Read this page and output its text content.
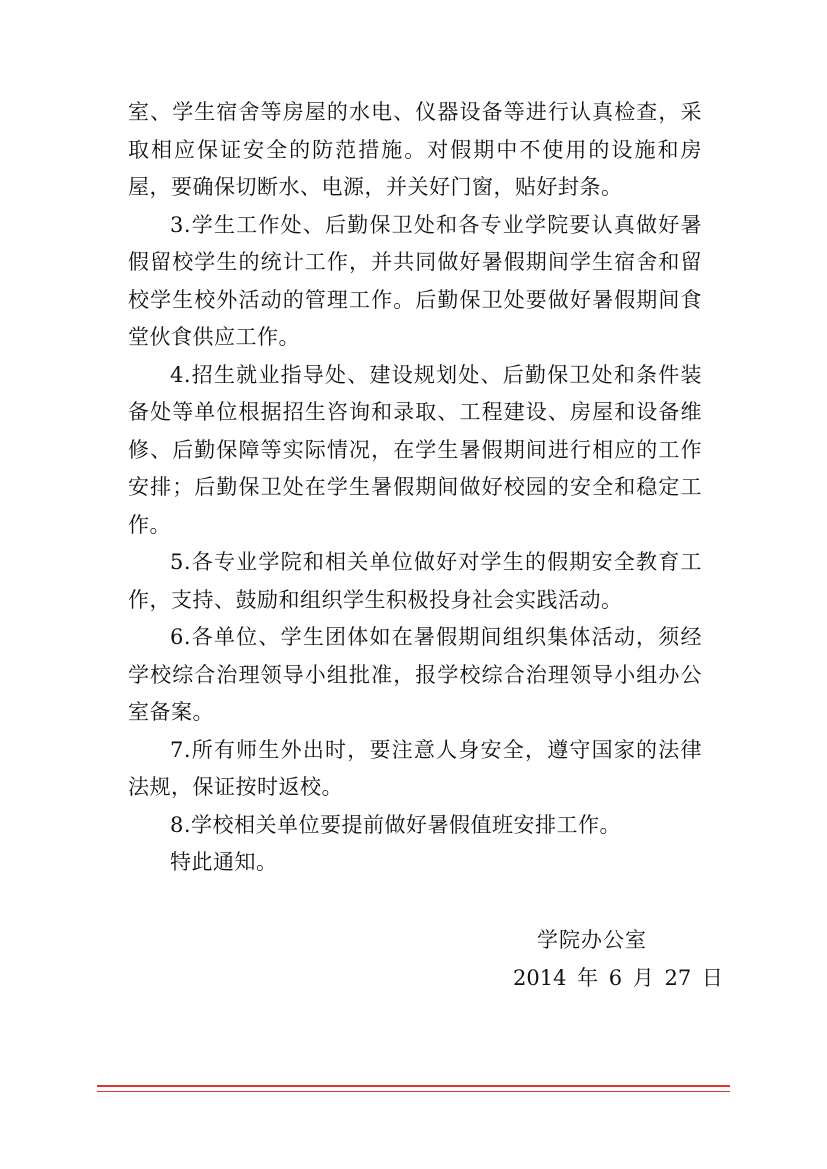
室、学生宿舍等房屋的水电、仪器设备等进行认真检查，采取相应保证安全的防范措施。对假期中不使用的设施和房屋，要确保切断水、电源，并关好门窗，贴好封条。

3.学生工作处、后勤保卫处和各专业学院要认真做好暑假留校学生的统计工作，并共同做好暑假期间学生宿舍和留校学生校外活动的管理工作。后勤保卫处要做好暑假期间食堂伙食供应工作。

4.招生就业指导处、建设规划处、后勤保卫处和条件装备处等单位根据招生咨询和录取、工程建设、房屋和设备维修、后勤保障等实际情况，在学生暑假期间进行相应的工作安排；后勤保卫处在学生暑假期间做好校园的安全和稳定工作。

5.各专业学院和相关单位做好对学生的假期安全教育工作，支持、鼓励和组织学生积极投身社会实践活动。

6.各单位、学生团体如在暑假期间组织集体活动，须经学校综合治理领导小组批准，报学校综合治理领导小组办公室备案。

7.所有师生外出时，要注意人身安全，遵守国家的法律法规，保证按时返校。

8.学校相关单位要提前做好暑假值班安排工作。

特此通知。

学院办公室
2014 年 6 月 27 日
